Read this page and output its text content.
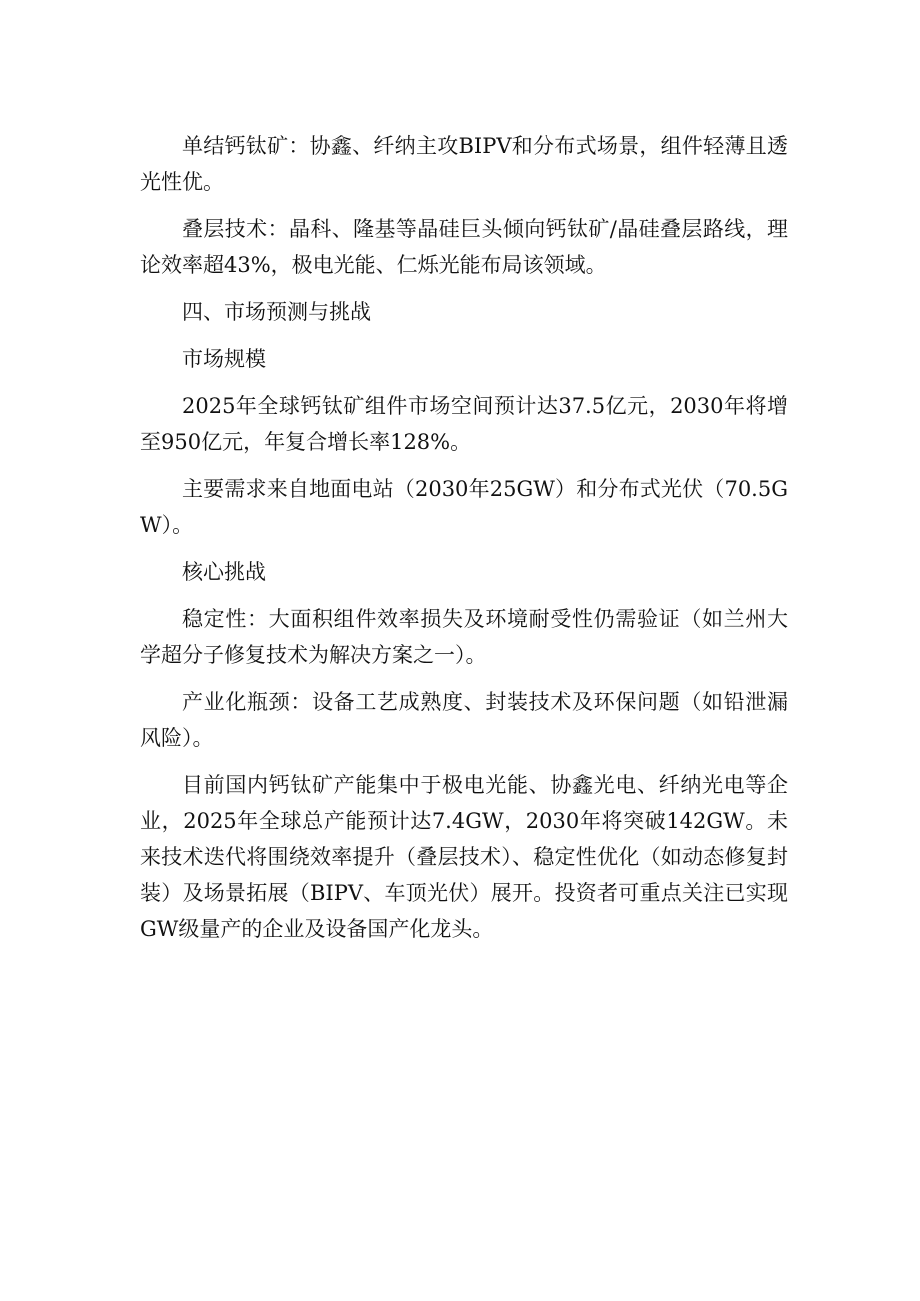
单结钙钛矿：协鑫、纤纳主攻BIPV和分布式场景，组件轻薄且透光性优。

叠层技术：晶科、隆基等晶硅巨头倾向钙钛矿/晶硅叠层路线，理论效率超43%，极电光能、仁烁光能布局该领域。

四、市场预测与挑战

市场规模

2025年全球钙钛矿组件市场空间预计达37.5亿元，2030年将增至950亿元，年复合增长率128%。

主要需求来自地面电站（2030年25GW）和分布式光伏（70.5GW）。

核心挑战

稳定性：大面积组件效率损失及环境耐受性仍需验证（如兰州大学超分子修复技术为解决方案之一）。

产业化瓶颈：设备工艺成熟度、封装技术及环保问题（如铅泄漏风险）。

目前国内钙钛矿产能集中于极电光能、协鑫光电、纤纳光电等企业，2025年全球总产能预计达7.4GW，2030年将突破142GW。未来技术迭代将围绕效率提升（叠层技术）、稳定性优化（如动态修复封装）及场景拓展（BIPV、车顶光伏）展开。投资者可重点关注已实现GW级量产的企业及设备国产化龙头。
